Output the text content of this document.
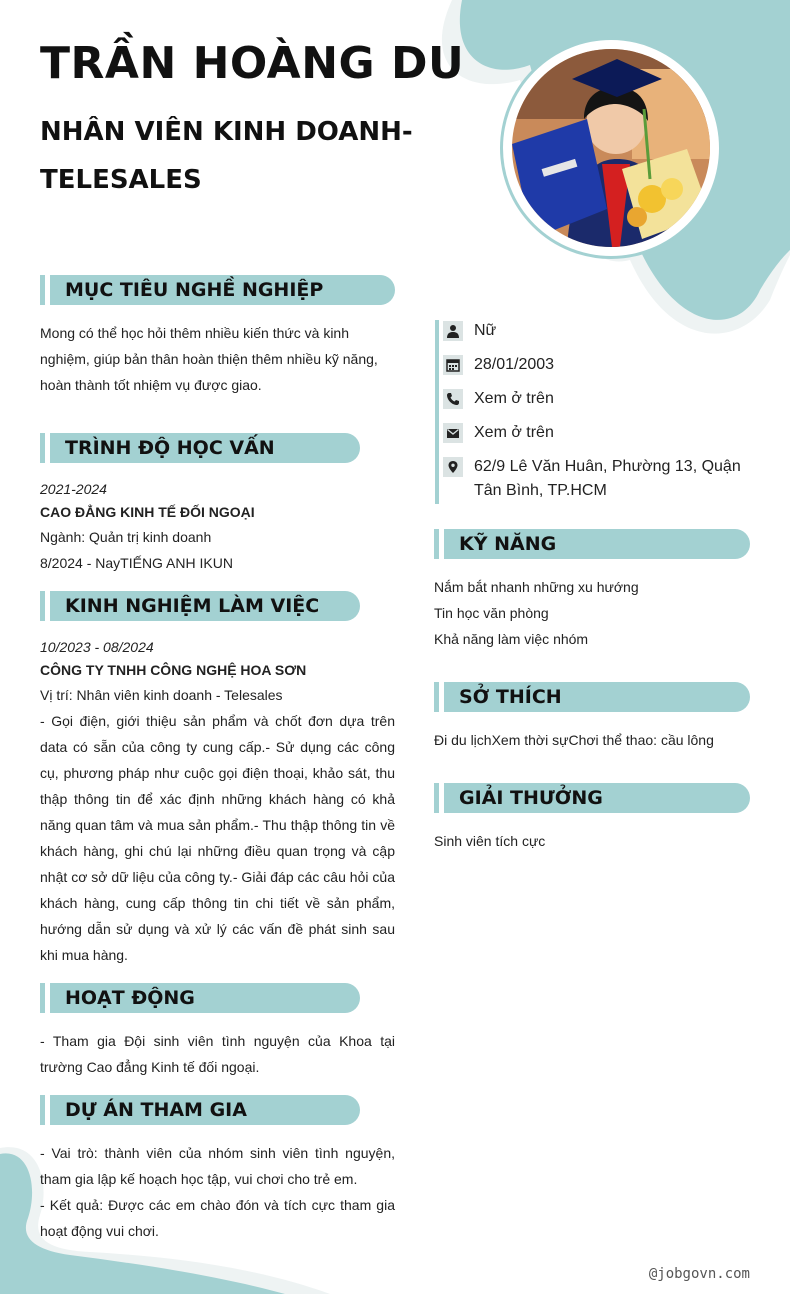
TRẦN HOÀNG DU
NHÂN VIÊN KINH DOANH-TELESALES
MỤC TIÊU NGHỀ NGHIỆP
Mong có thể học hỏi thêm nhiều kiến thức và kinh nghiệm, giúp bản thân hoàn thiện thêm nhiều kỹ năng, hoàn thành tốt nhiệm vụ được giao.
TRÌNH ĐỘ HỌC VẤN
2021-2024
CAO ĐẲNG KINH TẾ ĐỐI NGOẠI
Ngành: Quản trị kinh doanh
8/2024 - NayTIẾNG ANH IKUN
KINH NGHIỆM LÀM VIỆC
10/2023 - 08/2024
CÔNG TY TNHH CÔNG NGHỆ HOA SƠN
Vị trí: Nhân viên kinh doanh - Telesales
- Gọi điện, giới thiệu sản phẩm và chốt đơn dựa trên data có sẵn của công ty cung cấp.- Sử dụng các công cụ, phương pháp như cuộc gọi điện thoại, khảo sát, thu thập thông tin để xác định những khách hàng có khả năng quan tâm và mua sản phẩm.- Thu thập thông tin về khách hàng, ghi chú lại những điều quan trọng và cập nhật cơ sở dữ liệu của công ty.- Giải đáp các câu hỏi của khách hàng, cung cấp thông tin chi tiết về sản phẩm, hướng dẫn sử dụng và xử lý các vấn đề phát sinh sau khi mua hàng.
HOẠT ĐỘNG
- Tham gia Đội sinh viên tình nguyện của Khoa tại trường Cao đẳng Kinh tế đối ngoại.
DỰ ÁN THAM GIA
- Vai trò: thành viên của nhóm sinh viên tình nguyện, tham gia lập kế hoạch học tập, vui chơi cho trẻ em.
- Kết quả: Được các em chào đón và tích cực tham gia hoạt động vui chơi.
Nữ
28/01/2003
Xem ở trên
Xem ở trên
62/9 Lê Văn Huân, Phường 13, Quận Tân Bình, TP.HCM
KỸ NĂNG
Nắm bắt nhanh những xu hướng
Tin học văn phòng
Khả năng làm việc nhóm
SỞ THÍCH
Đi du lịchXem thời sựChơi thể thao: cầu lông
GIẢI THƯỞNG
Sinh viên tích cực
@jobgovn.com
